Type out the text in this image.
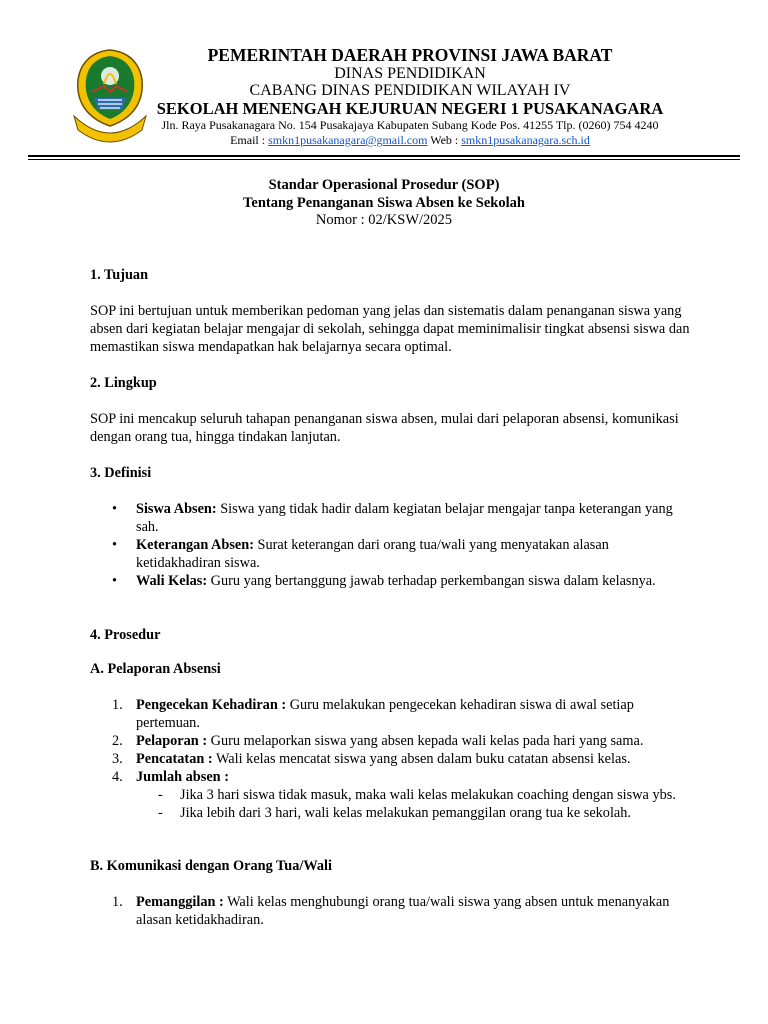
PEMERINTAH DAERAH PROVINSI JAWA BARAT
DINAS PENDIDIKAN
CABANG DINAS PENDIDIKAN WILAYAH IV
SEKOLAH MENENGAH KEJURUAN NEGERI 1 PUSAKANAGARA
Jln. Raya Pusakanagara No. 154 Pusakajaya Kabupaten Subang Kode Pos. 41255 Tlp. (0260) 754 4240
Email : smkn1pusakanagara@gmail.com Web : smkn1pusakanagara.sch.id
Standar Operasional Prosedur (SOP)
Tentang Penanganan Siswa Absen ke Sekolah
Nomor : 02/KSW/2025

1. Tujuan

SOP ini bertujuan untuk memberikan pedoman yang jelas dan sistematis dalam penanganan siswa yang absen dari kegiatan belajar mengajar di sekolah, sehingga dapat meminimalisir tingkat absensi siswa dan memastikan siswa mendapatkan hak belajarnya secara optimal.

2. Lingkup

SOP ini mencakup seluruh tahapan penanganan siswa absen, mulai dari pelaporan absensi, komunikasi dengan orang tua, hingga tindakan lanjutan.

3. Definisi

• Siswa Absen: Siswa yang tidak hadir dalam kegiatan belajar mengajar tanpa keterangan yang sah.
• Keterangan Absen: Surat keterangan dari orang tua/wali yang menyatakan alasan ketidakhadiran siswa.
• Wali Kelas: Guru yang bertanggung jawab terhadap perkembangan siswa dalam kelasnya.

4. Prosedur

A. Pelaporan Absensi

1. Pengecekan Kehadiran : Guru melakukan pengecekan kehadiran siswa di awal setiap pertemuan.
2. Pelaporan : Guru melaporkan siswa yang absen kepada wali kelas pada hari yang sama.
3. Pencatatan : Wali kelas mencatat siswa yang absen dalam buku catatan absensi kelas.
4. Jumlah absen :
- Jika 3 hari siswa tidak masuk, maka wali kelas melakukan coaching dengan siswa ybs.
- Jika lebih dari 3 hari, wali kelas melakukan pemanggilan orang tua ke sekolah.

B. Komunikasi dengan Orang Tua/Wali

1. Pemanggilan : Wali kelas menghubungi orang tua/wali siswa yang absen untuk menanyakan alasan ketidakhadiran.
